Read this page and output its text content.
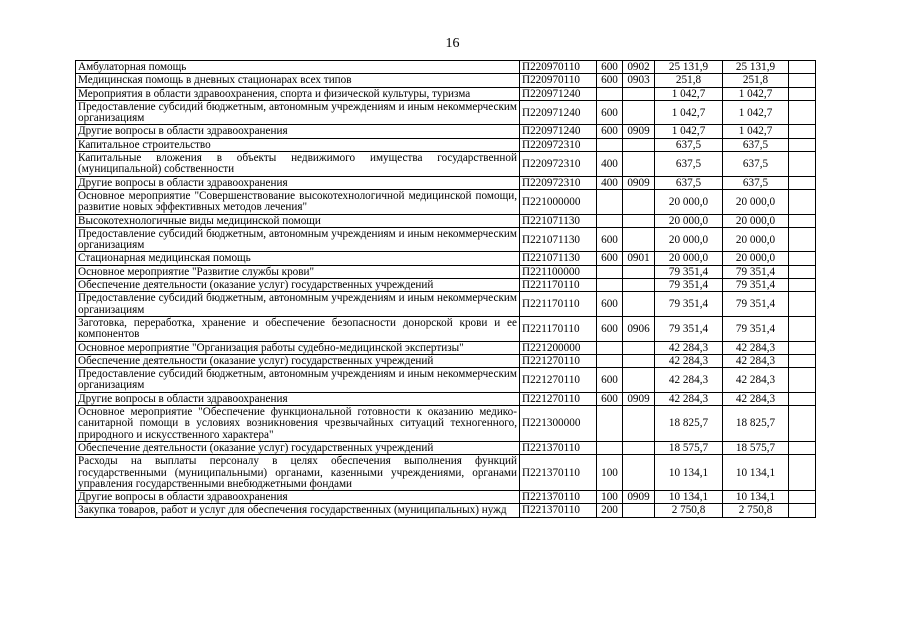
16
Амбулаторная помощь	П220970110	600	0902	25 131,9	25 131,9	
Медицинская помощь в дневных стационарах всех типов	П220970110	600	0903	251,8	251,8	
Мероприятия в области здравоохранения, спорта и физической культуры, туризма	П220971240			1 042,7	1 042,7	
Предоставление субсидий бюджетным, автономным учреждениям и иным некоммерческим организациям	П220971240	600		1 042,7	1 042,7	
Другие вопросы в области здравоохранения	П220971240	600	0909	1 042,7	1 042,7	
Капитальное строительство	П220972310			637,5	637,5	
Капитальные вложения в объекты недвижимого имущества государственной (муниципальной) собственности	П220972310	400		637,5	637,5	
Другие вопросы в области здравоохранения	П220972310	400	0909	637,5	637,5	
Основное мероприятие "Совершенствование высокотехнологичной медицинской помощи, развитие новых эффективных методов лечения"	П221000000			20 000,0	20 000,0	
Высокотехнологичные виды медицинской помощи	П221071130			20 000,0	20 000,0	
Предоставление субсидий бюджетным, автономным учреждениям и иным некоммерческим организациям	П221071130	600		20 000,0	20 000,0	
Стационарная медицинская помощь	П221071130	600	0901	20 000,0	20 000,0	
Основное мероприятие "Развитие службы крови"	П221100000			79 351,4	79 351,4	
Обеспечение деятельности (оказание услуг) государственных учреждений	П221170110			79 351,4	79 351,4	
Предоставление субсидий бюджетным, автономным учреждениям и иным некоммерческим организациям	П221170110	600		79 351,4	79 351,4	
Заготовка, переработка, хранение и обеспечение безопасности донорской крови и ее компонентов	П221170110	600	0906	79 351,4	79 351,4	
Основное мероприятие "Организация работы судебно-медицинской экспертизы"	П221200000			42 284,3	42 284,3	
Обеспечение деятельности (оказание услуг) государственных учреждений	П221270110			42 284,3	42 284,3	
Предоставление субсидий бюджетным, автономным учреждениям и иным некоммерческим организациям	П221270110	600		42 284,3	42 284,3	
Другие вопросы в области здравоохранения	П221270110	600	0909	42 284,3	42 284,3	
Основное мероприятие "Обеспечение функциональной готовности к оказанию медико-санитарной помощи в условиях возникновения чрезвычайных ситуаций техногенного, природного и искусственного характера"	П221300000			18 825,7	18 825,7	
Обеспечение деятельности (оказание услуг) государственных учреждений	П221370110			18 575,7	18 575,7	
Расходы на выплаты персоналу в целях обеспечения выполнения функций государственными (муниципальными) органами, казенными учреждениями, органами управления государственными внебюджетными фондами	П221370110	100		10 134,1	10 134,1	
Другие вопросы в области здравоохранения	П221370110	100	0909	10 134,1	10 134,1	
Закупка товаров, работ и услуг для обеспечения государственных (муниципальных) нужд	П221370110	200		2 750,8	2 750,8	
